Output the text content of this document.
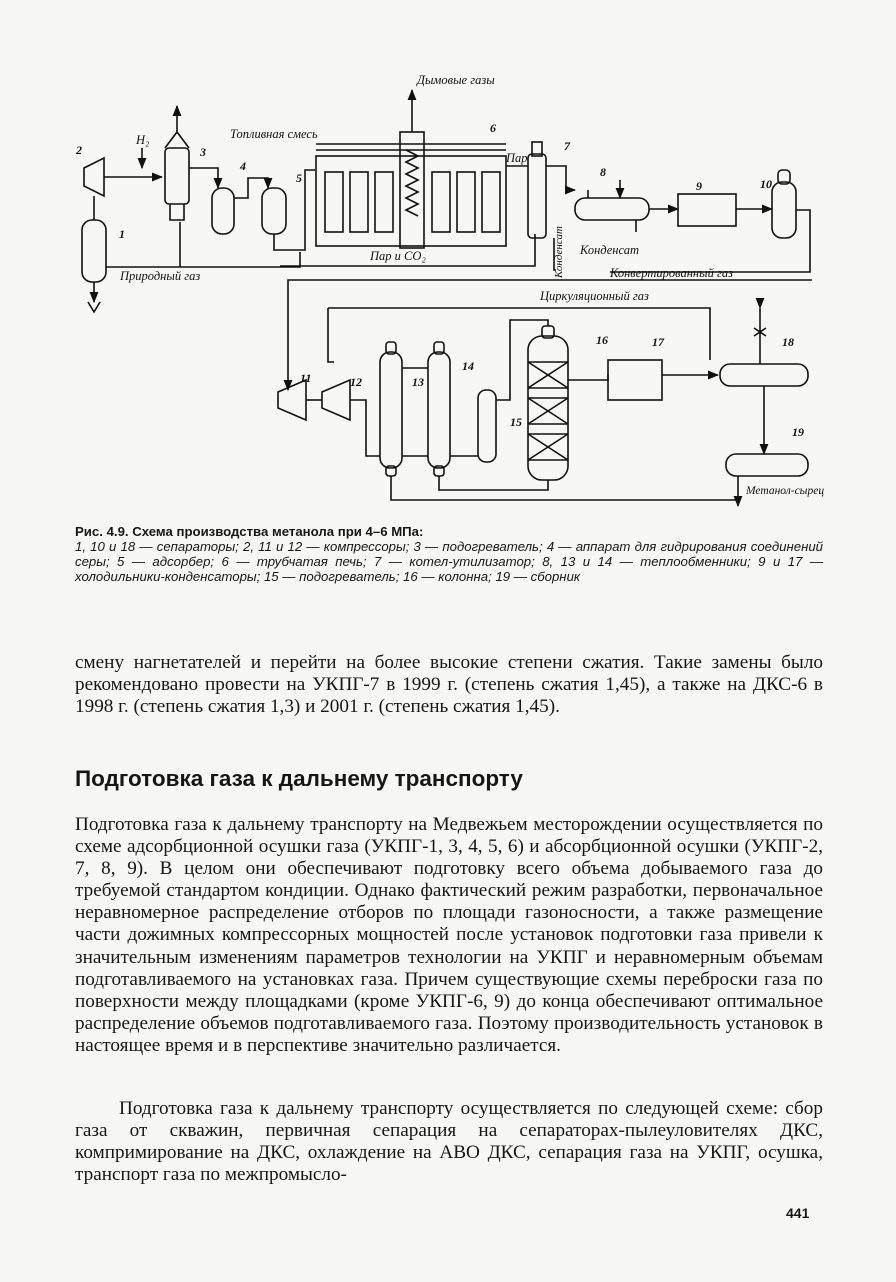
Дымовые газы
H₂	Топливная смесь
Пар
Пар и CO₂
Природный газ
Конденсат
Конденсат	Конвертированный газ
Циркуляционный газ
Метанол-сырец
1
2	3
4
5
6
7
8
9	10
11	12	13
14
15
16	17	18
19
Рис. 4.9. Схема производства метанола при 4–6 МПа:
1, 10 и 18 — сепараторы; 2, 11 и 12 — компрессоры; 3 — подогреватель; 4 — аппарат для гидрирования соединений серы; 5 — адсорбер; 6 — трубчатая печь; 7 — котел-утилизатор; 8, 13 и 14 — теплообменники; 9 и 17 — холодильники-конденсаторы; 15 — подогреватель; 16 — колонна; 19 — сборник

смену нагнетателей и перейти на более высокие степени сжатия. Такие замены было рекомендовано провести на УКПГ-7 в 1999 г. (степень сжатия 1,45), а также на ДКС-6 в 1998 г. (степень сжатия 1,3) и 2001 г. (степень сжатия 1,45).

Подготовка газа к дальнему транспорту

Подготовка газа к дальнему транспорту на Медвежьем месторождении осуществляется по схеме адсорбционной осушки газа (УКПГ-1, 3, 4, 5, 6) и абсорбционной осушки (УКПГ-2, 7, 8, 9). В целом они обеспечивают подготовку всего объема добываемого газа до требуемой стандартом кондиции. Однако фактический режим разработки, первоначальное неравномерное распределение отборов по площади газоносности, а также размещение части дожимных компрессорных мощностей после установок подготовки газа привели к значительным изменениям параметров технологии на УКПГ и неравномерным объемам подготавливаемого на установках газа. Причем существующие схемы переброски газа по поверхности между площадками (кроме УКПГ-6, 9) до конца обеспечивают оптимальное распределение объемов подготавливаемого газа. Поэтому производительность установок в настоящее время и в перспективе значительно различается.

Подготовка газа к дальнему транспорту осуществляется по следующей схеме: сбор газа от скважин, первичная сепарация на сепараторах-пылеуловителях ДКС, компримирование на ДКС, охлаждение на АВО ДКС, сепарация газа на УКПГ, осушка, транспорт газа по межпромысло-

441
